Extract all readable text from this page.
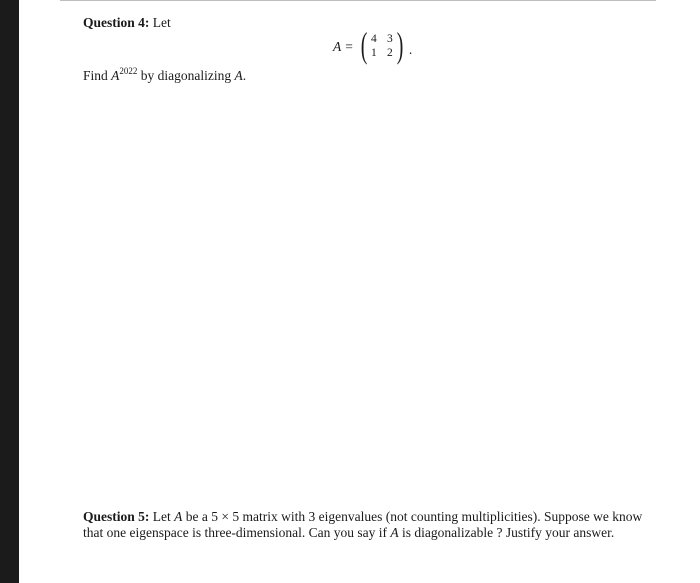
Question 4: Let
A = ( 4 3
1 2 ) .
Find $A^{2022}$ by diagonalizing A.
Question 5: Let A be a 5 × 5 matrix with 3 eigenvalues (not counting multiplicities). Suppose we know
that one eigenspace is three-dimensional. Can you say if A is diagonalizable ? Justify your answer.
